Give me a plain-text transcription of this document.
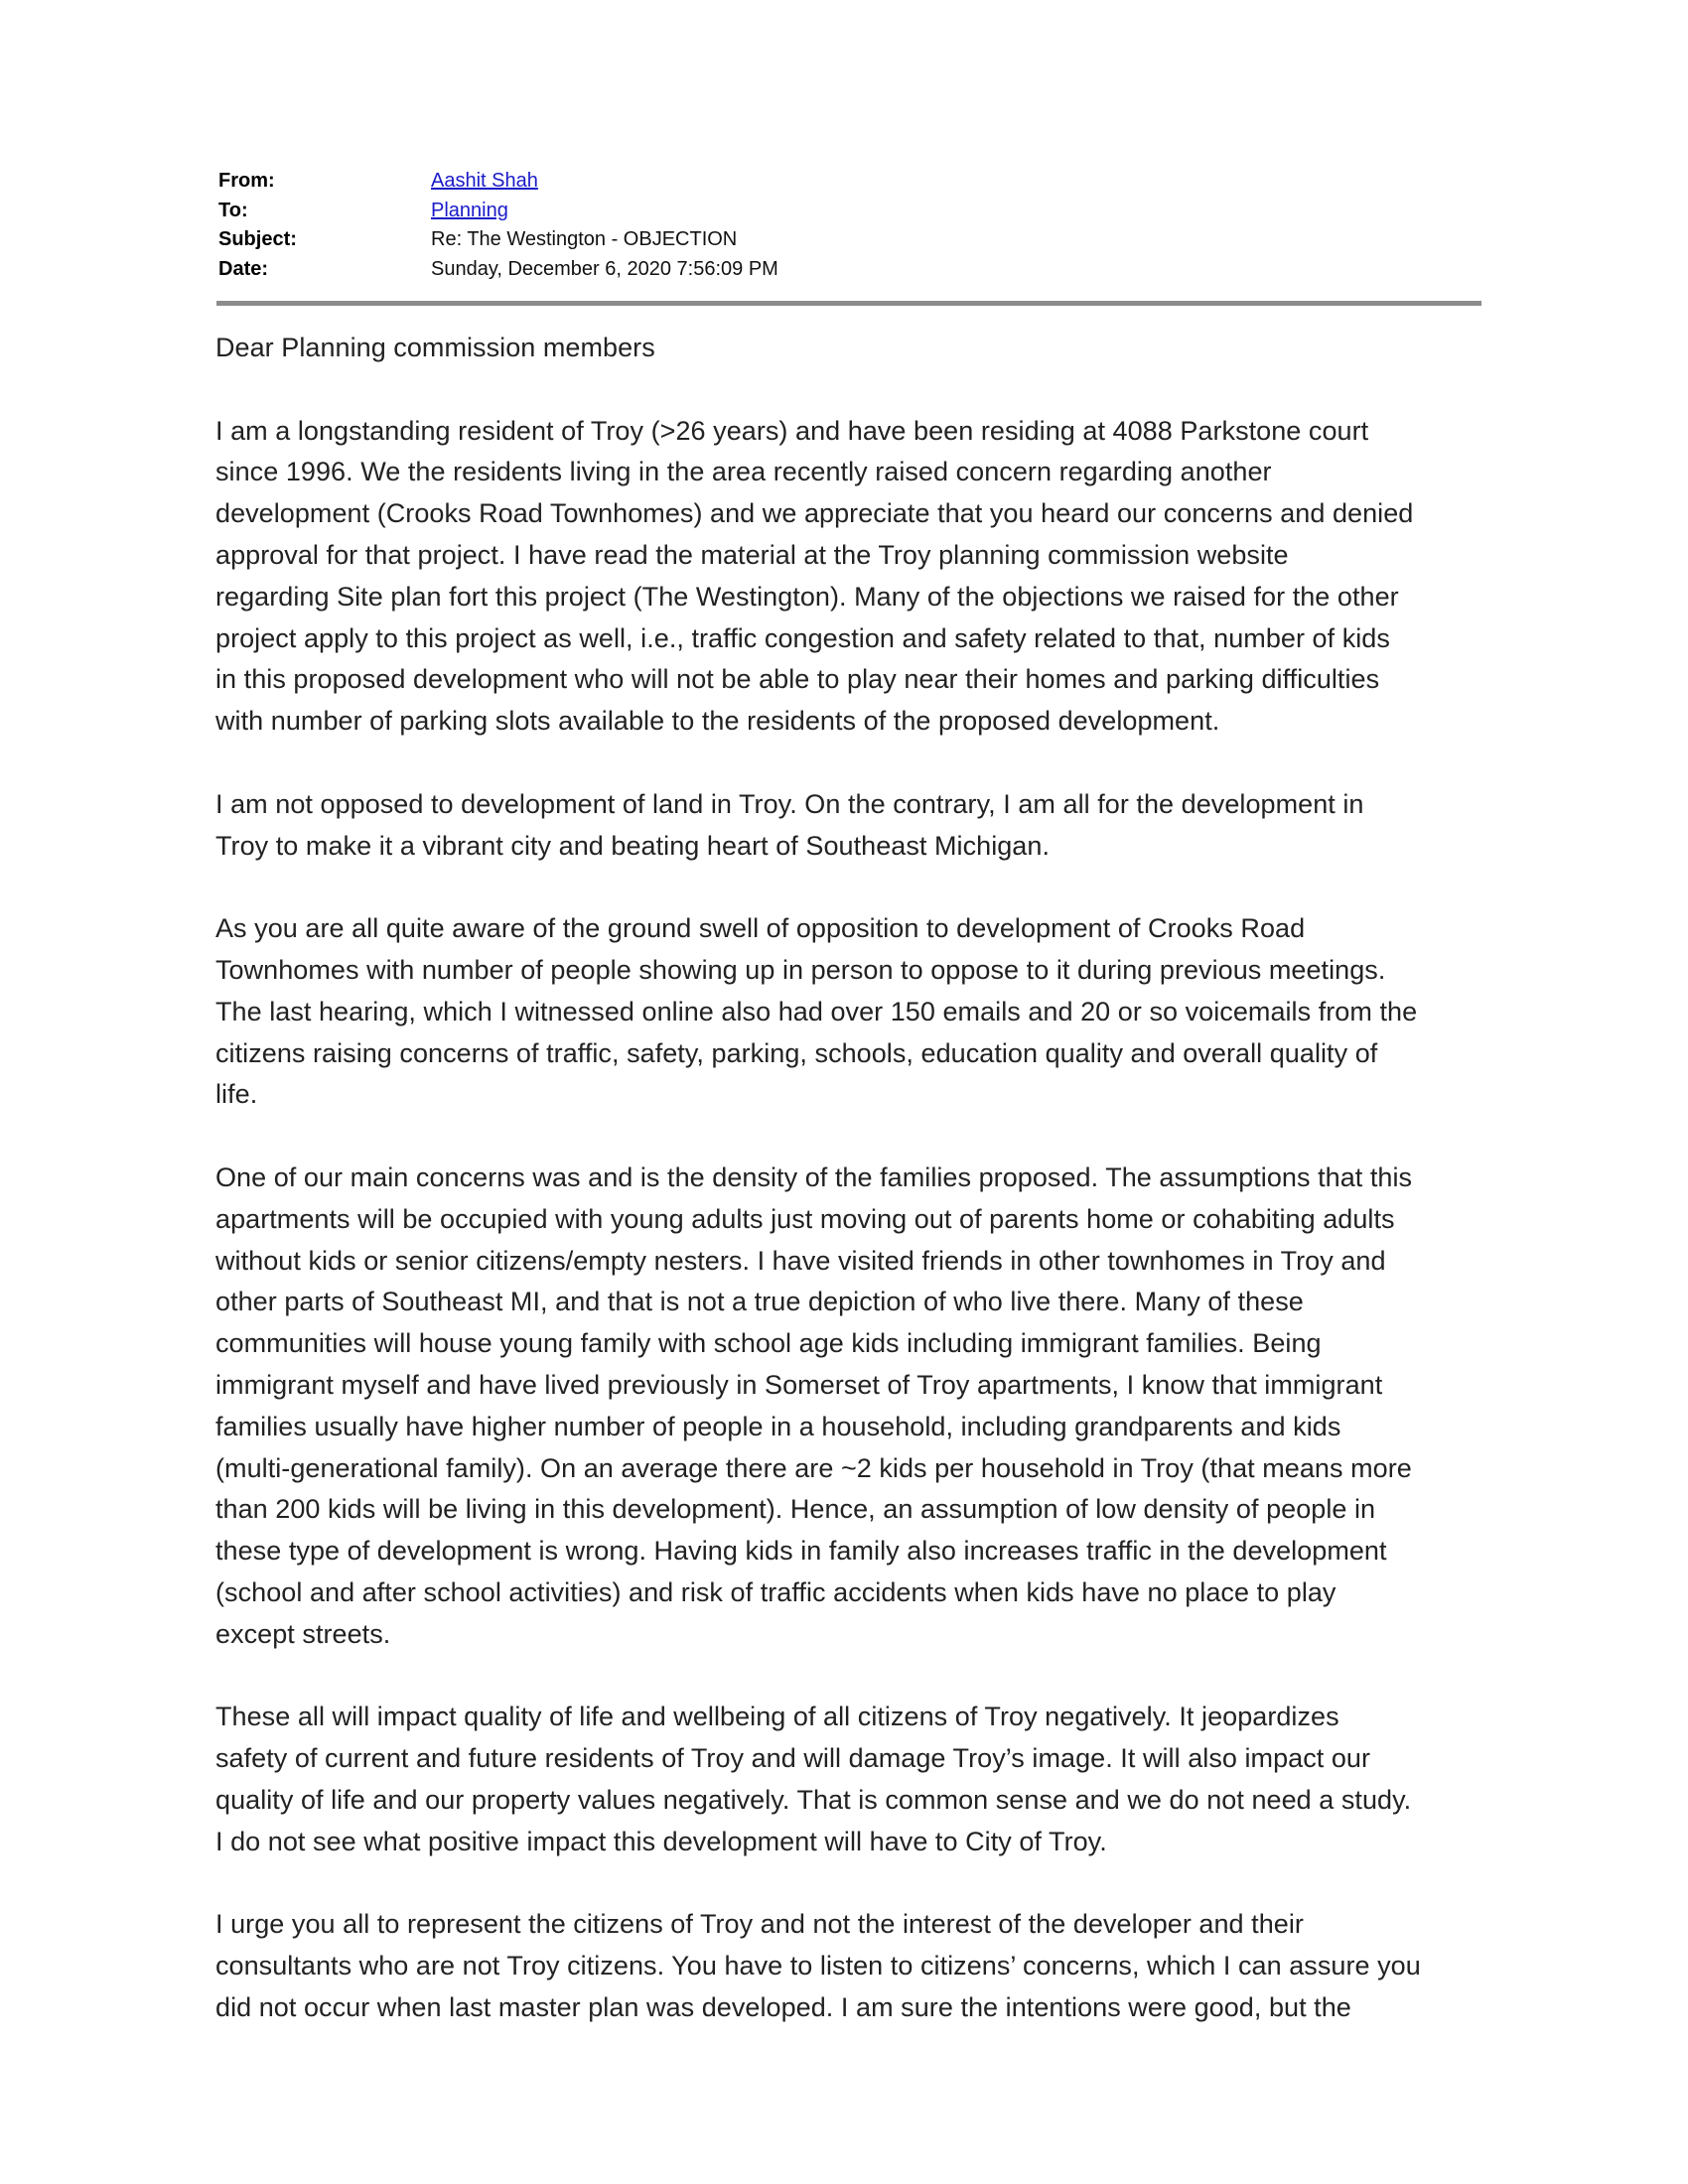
From:	Aashit Shah
To:	Planning
Subject:	Re: The Westington - OBJECTION
Date:	Sunday, December 6, 2020 7:56:09 PM
Dear Planning commission members
I am a longstanding resident of Troy (>26 years) and have been residing at 4088 Parkstone court
since 1996. We the residents living in the area recently raised concern regarding another
development (Crooks Road Townhomes) and we appreciate that you heard our concerns and denied
approval for that project. I have read the material at the Troy planning commission website
regarding Site plan fort this project (The Westington). Many of the objections we raised for the other
project apply to this project as well, i.e., traffic congestion and safety related to that, number of kids
in this proposed development who will not be able to play near their homes and parking difficulties
with number of parking slots available to the residents of the proposed development.
I am not opposed to development of land in Troy. On the contrary, I am all for the development in
Troy to make it a vibrant city and beating heart of Southeast Michigan.
As you are all quite aware of the ground swell of opposition to development of Crooks Road
Townhomes with number of people showing up in person to oppose to it during previous meetings.
The last hearing, which I witnessed online also had over 150 emails and 20 or so voicemails from the
citizens raising concerns of traffic, safety, parking, schools, education quality and overall quality of
life.
One of our main concerns was and is the density of the families proposed. The assumptions that this
apartments will be occupied with young adults just moving out of parents home or cohabiting adults
without kids or senior citizens/empty nesters. I have visited friends in other townhomes in Troy and
other parts of Southeast MI, and that is not a true depiction of who live there. Many of these
communities will house young family with school age kids including immigrant families. Being
immigrant myself and have lived previously in Somerset of Troy apartments, I know that immigrant
families usually have higher number of people in a household, including grandparents and kids
(multi-generational family). On an average there are ~2 kids per household in Troy (that means more
than 200 kids will be living in this development). Hence, an assumption of low density of people in
these type of development is wrong. Having kids in family also increases traffic in the development
(school and after school activities) and risk of traffic accidents when kids have no place to play
except streets.
These all will impact quality of life and wellbeing of all citizens of Troy negatively. It jeopardizes
safety of current and future residents of Troy and will damage Troy’s image. It will also impact our
quality of life and our property values negatively. That is common sense and we do not need a study.
I do not see what positive impact this development will have to City of Troy.
I urge you all to represent the citizens of Troy and not the interest of the developer and their
consultants who are not Troy citizens. You have to listen to citizens’ concerns, which I can assure you
did not occur when last master plan was developed. I am sure the intentions were good, but the
